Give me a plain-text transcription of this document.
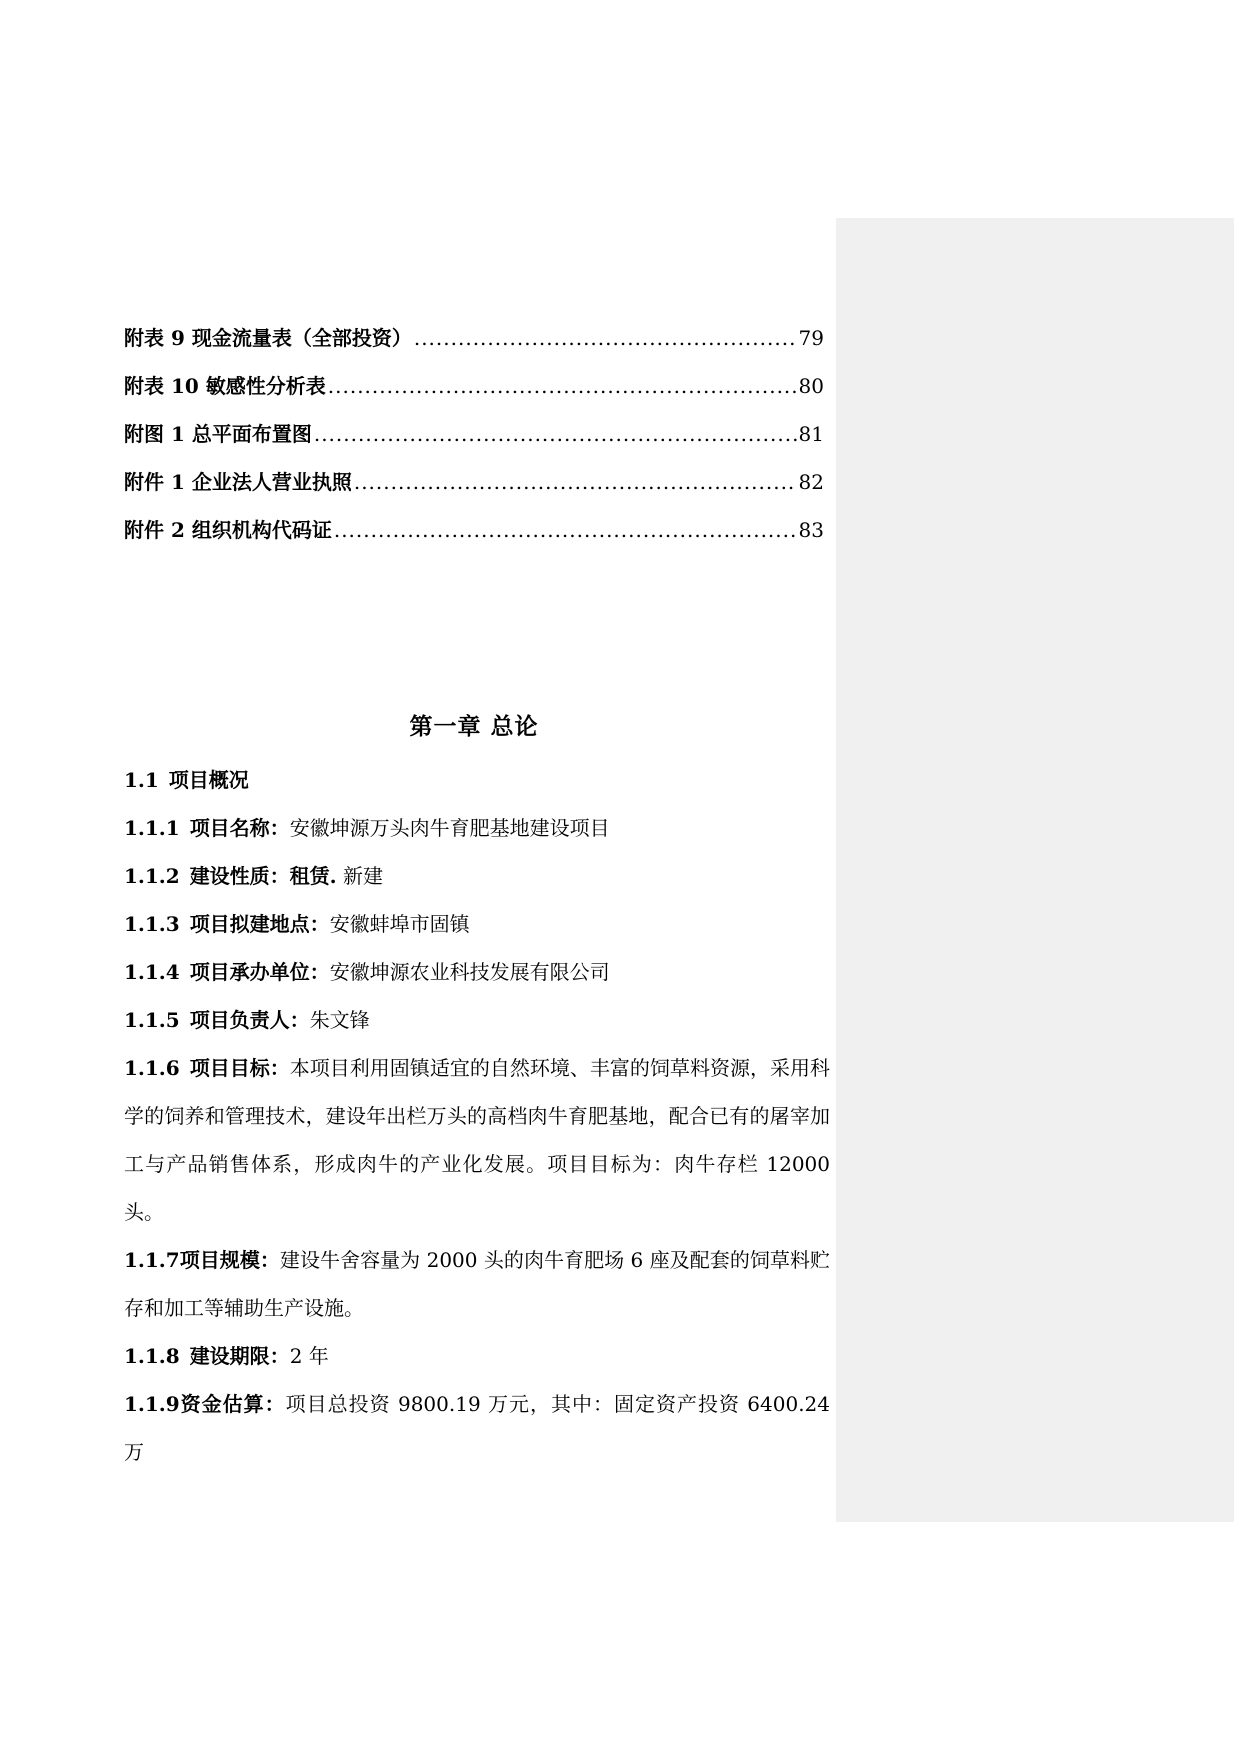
附表 9 现金流量表（全部投资） .....	79
附表 10 敏感性分析表 .....	80
附图 1 总平面布置图 .....	81
附件 1 企业法人营业执照 .....	82
附件 2 组织机构代码证 .....	83
第一章 总论

1.1 项目概况

1.1.1 项目名称：安徽坤源万头肉牛育肥基地建设项目

1.1.2 建设性质：租赁. 新建

1.1.3 项目拟建地点：安徽蚌埠市固镇

1.1.4 项目承办单位：安徽坤源农业科技发展有限公司

1.1.5 项目负责人：朱文锋

1.1.6 项目目标：本项目利用固镇适宜的自然环境、丰富的饲草料资源，采用科学的饲养和管理技术，建设年出栏万头的高档肉牛育肥基地，配合已有的屠宰加工与产品销售体系，形成肉牛的产业化发展。项目目标为：肉牛存栏 12000 头。

1.1.7项目规模：建设牛舍容量为 2000 头的肉牛育肥场 6 座及配套的饲草料贮存和加工等辅助生产设施。

1.1.8 建设期限：2 年

1.1.9资金估算：项目总投资 9800.19 万元，其中：固定资产投资 6400.24 万
